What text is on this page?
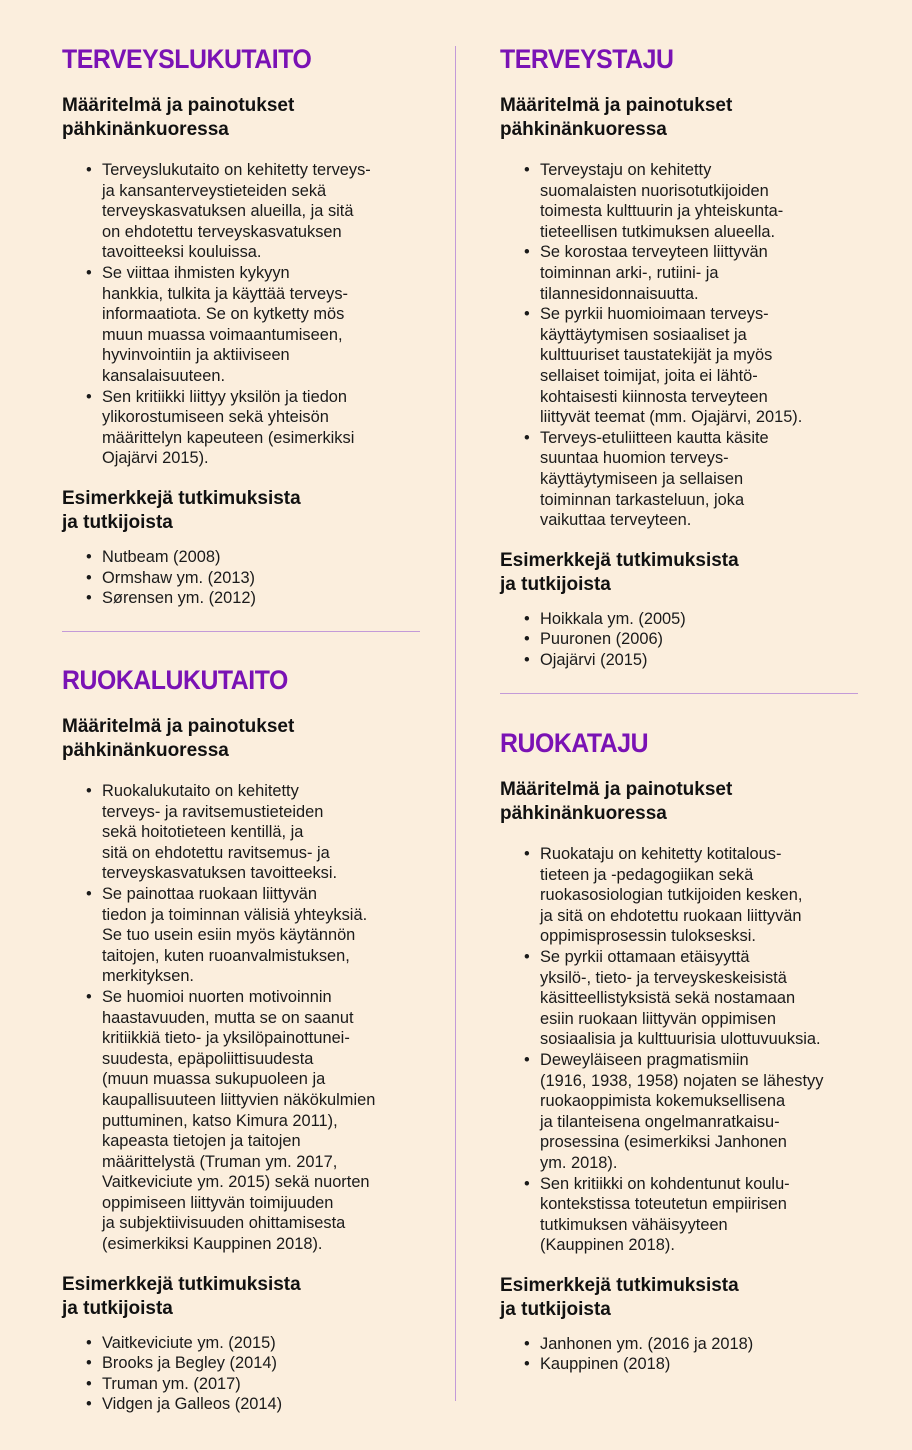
TERVEYSLUKUTAITO

Määritelmä ja painotukset
pähkinänkuoressa

• Terveyslukutaito on kehitetty terveys-
ja kansanterveystieteiden sekä
terveyskasvatuksen alueilla, ja sitä
on ehdotettu terveyskasvatuksen
tavoitteeksi kouluissa.
• Se viittaa ihmisten kykyyn
hankkia, tulkita ja käyttää terveys-
informaatiota. Se on kytketty mös
muun muassa voimaantumiseen,
hyvinvointiin ja aktiiviseen
kansalaisuuteen.
• Sen kritiikki liittyy yksilön ja tiedon
ylikorostumiseen sekä yhteisön
määrittelyn kapeuteen (esimerkiksi
Ojajärvi 2015).

Esimerkkejä tutkimuksista
ja tutkijoista

• Nutbeam (2008)
• Ormshaw ym. (2013)
• Sørensen ym. (2012)
RUOKALUKUTAITO

Määritelmä ja painotukset
pähkinänkuoressa

• Ruokalukutaito on kehitetty
terveys- ja ravitsemustieteiden
sekä hoitotieteen kentillä, ja
sitä on ehdotettu ravitsemus- ja
terveyskasvatuksen tavoitteeksi.
• Se painottaa ruokaan liittyvän
tiedon ja toiminnan välisiä yhteyksiä.
Se tuo usein esiin myös käytännön
taitojen, kuten ruoanvalmistuksen,
merkityksen.
• Se huomioi nuorten motivoinnin
haastavuuden, mutta se on saanut
kritiikkiä tieto- ja yksilöpainottunei-
suudesta, epäpoliittisuudesta
(muun muassa sukupuoleen ja
kaupallisuuteen liittyvien näkökulmien
puttuminen, katso Kimura 2011),
kapeasta tietojen ja taitojen
määrittelystä (Truman ym. 2017,
Vaitkeviciute ym. 2015) sekä nuorten
oppimiseen liittyvän toimijuuden
ja subjektiivisuuden ohittamisesta
(esimerkiksi Kauppinen 2018).

Esimerkkejä tutkimuksista
ja tutkijoista

• Vaitkeviciute ym. (2015)
• Brooks ja Begley (2014)
• Truman ym. (2017)
• Vidgen ja Galleos (2014)
TERVEYSTAJU

Määritelmä ja painotukset
pähkinänkuoressa

• Terveystaju on kehitetty
suomalaisten nuorisotutkijoiden
toimesta kulttuurin ja yhteiskunta-
tieteellisen tutkimuksen alueella.
• Se korostaa terveyteen liittyvän
toiminnan arki-, rutiini- ja
tilannesidonnaisuutta.
• Se pyrkii huomioimaan terveys-
käyttäytymisen sosiaaliset ja
kulttuuriset taustatekijät ja myös
sellaiset toimijat, joita ei lähtö-
kohtaisesti kiinnosta terveyteen
liittyvät teemat (mm. Ojajärvi, 2015).
• Terveys-etuliitteen kautta käsite
suuntaa huomion terveys-
käyttäytymiseen ja sellaisen
toiminnan tarkasteluun, joka
vaikuttaa terveyteen.

Esimerkkejä tutkimuksista
ja tutkijoista

• Hoikkala ym. (2005)
• Puuronen (2006)
• Ojajärvi (2015)
RUOKATAJU

Määritelmä ja painotukset
pähkinänkuoressa

• Ruokataju on kehitetty kotitalous-
tieteen ja -pedagogiikan sekä
ruokasosiologian tutkijoiden kesken,
ja sitä on ehdotettu ruokaan liittyvän
oppimisprosessin tuloksesksi.
• Se pyrkii ottamaan etäisyyttä
yksilö-, tieto- ja terveyskeskeisistä
käsitteellistyksistä sekä nostamaan
esiin ruokaan liittyvän oppimisen
sosiaalisia ja kulttuurisia ulottuvuuksia.
• Deweyläiseen pragmatismiin
(1916, 1938, 1958) nojaten se lähestyy
ruokaoppimista kokemuksellisena
ja tilanteisena ongelmanratkaisu-
prosessina (esimerkiksi Janhonen
ym. 2018).
• Sen kritiikki on kohdentunut koulu-
kontekstissa toteutetun empiirisen
tutkimuksen vähäisyyteen
(Kauppinen 2018).

Esimerkkejä tutkimuksista
ja tutkijoista

• Janhonen ym. (2016 ja 2018)
• Kauppinen (2018)
